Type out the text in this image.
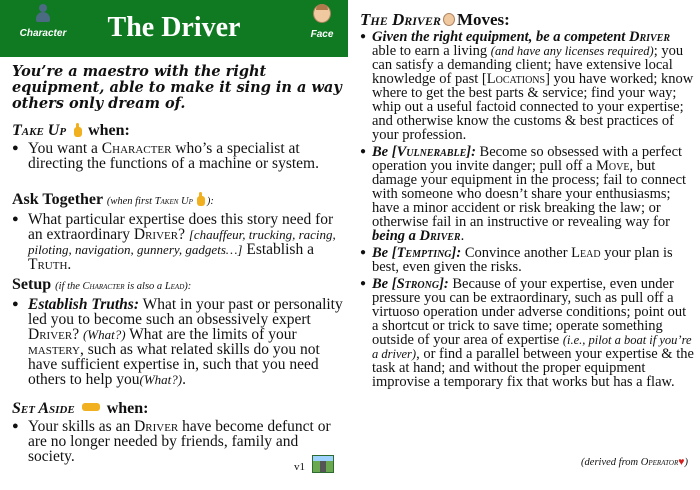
Character	The Driver	Face
You’re a maestro with the right equipment, able to make it sing in a way others only dream of.
Take Up when:
● You want a Character who’s a specialist at directing the functions of a machine or system.
Ask Together (when first Taken Up ):
● What particular expertise does this story need for an extraordinary Driver? [chauffeur, trucking, racing, piloting, navigation, gunnery, gadgets…] Establish a Truth.
Setup (if the Character is also a Lead):
● Establish Truths: What in your past or personality led you to become such an obsessively expert Driver? (What?) What are the limits of your mastery, such as what related skills do you not have sufficient expertise in, such that you need others to help you(What?).
Set Aside when:
● Your skills as an Driver have become defunct or are no longer needed by friends, family and society.
v1
The Driver Moves:
● Given the right equipment, be a competent Driver able to earn a living (and have any licenses required); you can satisfy a demanding client; have extensive local knowledge of past [Locations] you have worked; know where to get the best parts & service; find your way; whip out a useful factoid connected to your expertise; and otherwise know the customs & best practices of your profession.
● Be [Vulnerable]: Become so obsessed with a perfect operation you invite danger; pull off a Move, but damage your equipment in the process; fail to connect with someone who doesn’t share your enthusiasms; have a minor accident or risk breaking the law; or otherwise fail in an instructive or revealing way for being a Driver.
● Be [Tempting]: Convince another Lead your plan is best, even given the risks.
● Be [Strong]: Because of your expertise, even under pressure you can be extraordinary, such as pull off a virtuoso operation under adverse conditions; point out a shortcut or trick to save time; operate something outside of your area of expertise (i.e., pilot a boat if you’re a driver), or find a parallel between your expertise & the task at hand; and without the proper equipment improvise a temporary fix that works but has a flaw.
(derived from Operator♥)
